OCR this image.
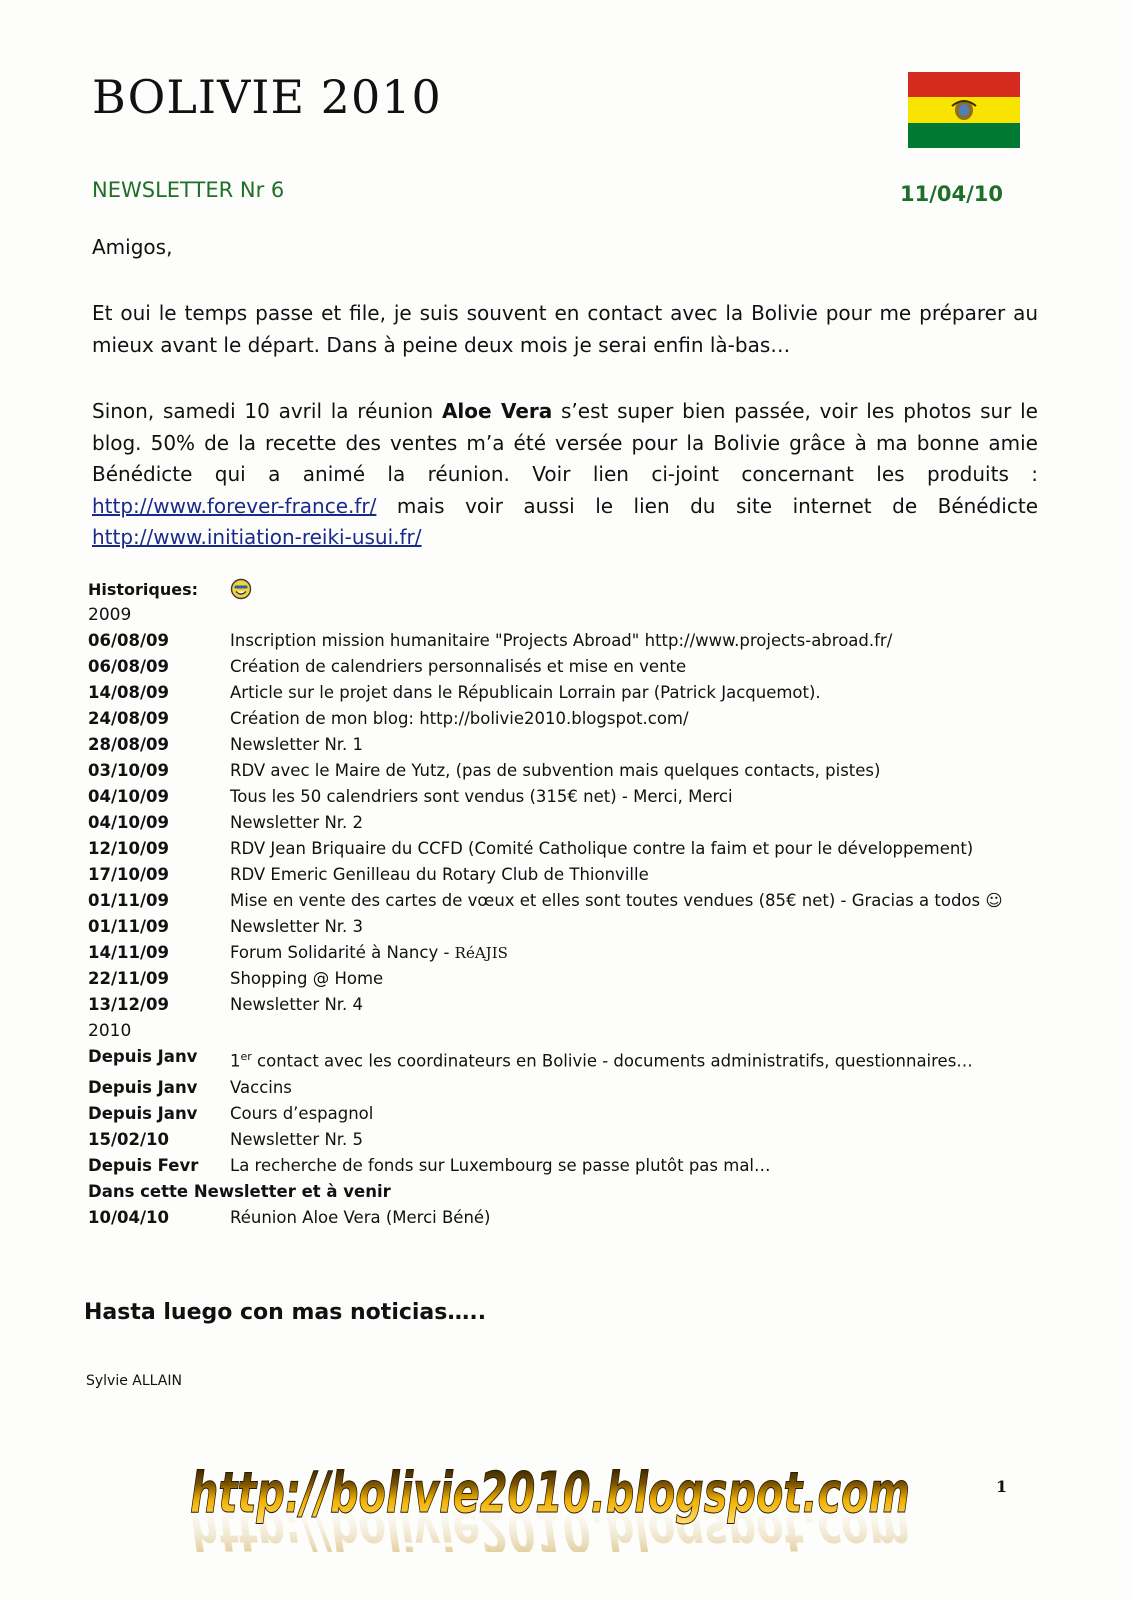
BOLIVIE 2010
NEWSLETTER Nr 6	11/04/10
Amigos,

Et oui le temps passe et file, je suis souvent en contact avec la Bolivie pour me préparer au mieux avant le départ. Dans à peine deux mois je serai enfin là-bas…

Sinon, samedi 10 avril la réunion Aloe Vera s’est super bien passée, voir les photos sur le blog. 50% de la recette des ventes m’a été versée pour la Bolivie grâce à ma bonne amie Bénédicte qui a animé la réunion. Voir lien ci-joint concernant les produits : http://www.forever-france.fr/ mais voir aussi le lien du site internet de Bénédicte http://www.initiation-reiki-usui.fr/

Historiques:
2009
06/08/09	Inscription mission humanitaire "Projects Abroad" http://www.projects-abroad.fr/
06/08/09	Création de calendriers personnalisés et mise en vente
14/08/09	Article sur le projet dans le Républicain Lorrain par (Patrick Jacquemot).
24/08/09	Création de mon blog: http://bolivie2010.blogspot.com/
28/08/09	Newsletter Nr. 1
03/10/09	RDV avec le Maire de Yutz, (pas de subvention mais quelques contacts, pistes)
04/10/09	Tous les 50 calendriers sont vendus (315€ net) - Merci, Merci
04/10/09	Newsletter Nr. 2
12/10/09	RDV Jean Briquaire du CCFD (Comité Catholique contre la faim et pour le développement)
17/10/09	RDV Emeric Genilleau du Rotary Club de Thionville
01/11/09	Mise en vente des cartes de vœux et elles sont toutes vendues (85€ net) - Gracias a todos ☺
01/11/09	Newsletter Nr. 3
14/11/09	Forum Solidarité à Nancy - RéAJIS
22/11/09	Shopping @ Home
13/12/09	Newsletter Nr. 4
2010
Depuis Janv	1er contact avec les coordinateurs en Bolivie - documents administratifs, questionnaires…
Depuis Janv	Vaccins
Depuis Janv	Cours d’espagnol
15/02/10	Newsletter Nr. 5
Depuis Fevr	La recherche de fonds sur Luxembourg se passe plutôt pas mal…
Dans cette Newsletter et à venir
10/04/10	Réunion Aloe Vera (Merci Béné)
Hasta luego con mas noticias…..
Sylvie ALLAIN
http://bolivie2010.blogspot.com
http://bolivie2010.blogspot.com	1
